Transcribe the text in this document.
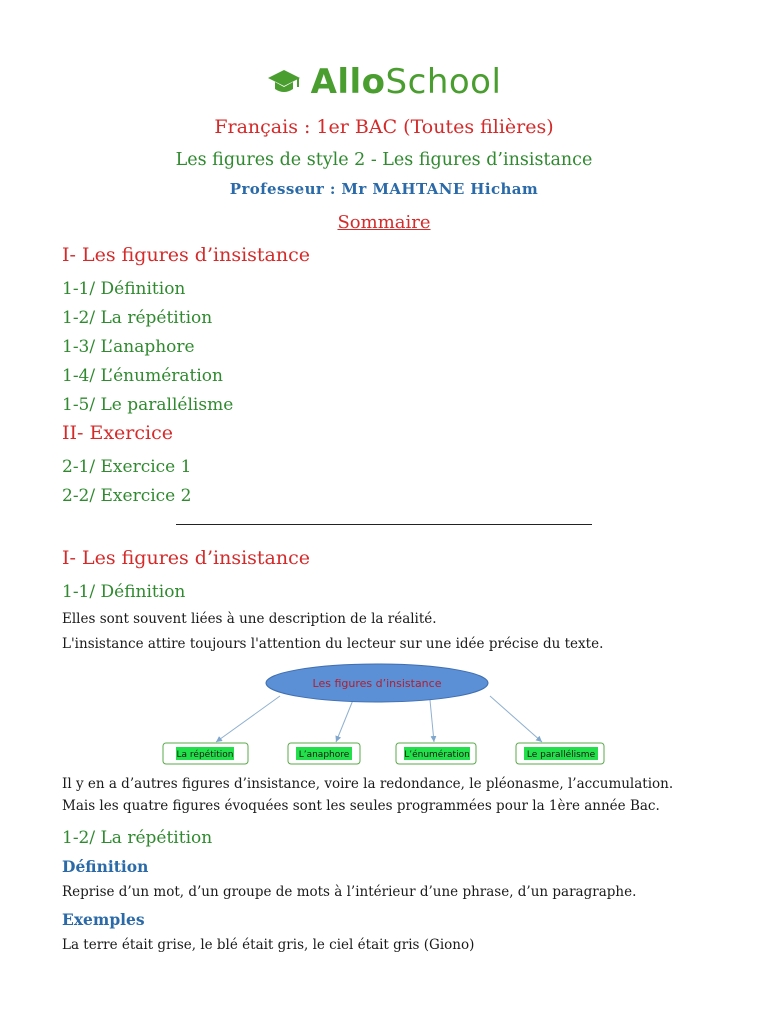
AlloSchool
Français : 1er BAC (Toutes filières)
Les figures de style 2 - Les figures d’insistance
Professeur : Mr MAHTANE Hicham
Sommaire
I- Les figures d’insistance
1-1/ Définition
1-2/ La répétition
1-3/ L’anaphore
1-4/ L’énumération
1-5/ Le parallélisme
II- Exercice
2-1/ Exercice 1
2-2/ Exercice 2
I- Les figures d’insistance
1-1/ Définition
Elles sont souvent liées à une description de la réalité.
L'insistance attire toujours l'attention du lecteur sur une idée précise du texte.
Les figures d’insistance
La répétition	L’anaphore	L’énumération	Le parallélisme
Il y en a d’autres figures d’insistance, voire la redondance, le pléonasme, l’accumulation.
Mais les quatre figures évoquées sont les seules programmées pour la 1ère année Bac.
1-2/ La répétition
Définition
Reprise d’un mot, d’un groupe de mots à l’intérieur d’une phrase, d’un paragraphe.
Exemples
La terre était grise, le blé était gris, le ciel était gris (Giono)
